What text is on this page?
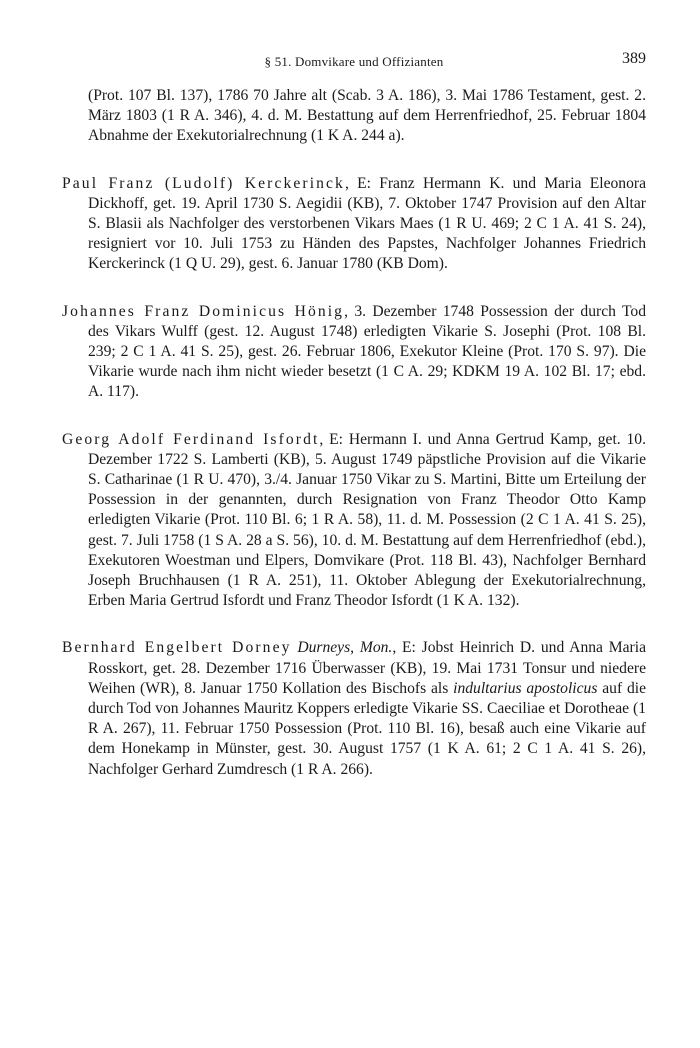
§ 51. Domvikare und Offizianten	389

(Prot. 107 Bl. 137), 1786 70 Jahre alt (Scab. 3 A. 186), 3. Mai 1786 Testament, gest. 2. März 1803 (1 R A. 346), 4. d. M. Bestattung auf dem Herrenfriedhof, 25. Februar 1804 Abnahme der Exekutorialrechnung (1 K A. 244 a).

Paul Franz (Ludolf) Kerckerinck, E: Franz Hermann K. und Maria Eleonora Dickhoff, get. 19. April 1730 S. Aegidii (KB), 7. Oktober 1747 Provision auf den Altar S. Blasii als Nachfolger des verstorbenen Vikars Maes (1 R U. 469; 2 C 1 A. 41 S. 24), resigniert vor 10. Juli 1753 zu Händen des Papstes, Nachfolger Johannes Friedrich Kerckerinck (1 Q U. 29), gest. 6. Januar 1780 (KB Dom).

Johannes Franz Dominicus Hönig, 3. Dezember 1748 Possession der durch Tod des Vikars Wulff (gest. 12. August 1748) erledigten Vikarie S. Josephi (Prot. 108 Bl. 239; 2 C 1 A. 41 S. 25), gest. 26. Februar 1806, Exekutor Kleine (Prot. 170 S. 97). Die Vikarie wurde nach ihm nicht wieder besetzt (1 C A. 29; KDKM 19 A. 102 Bl. 17; ebd. A. 117).

Georg Adolf Ferdinand Isfordt, E: Hermann I. und Anna Gertrud Kamp, get. 10. Dezember 1722 S. Lamberti (KB), 5. August 1749 päpstliche Provision auf die Vikarie S. Catharinae (1 R U. 470), 3./4. Januar 1750 Vikar zu S. Martini, Bitte um Erteilung der Possession in der genannten, durch Resignation von Franz Theodor Otto Kamp erledigten Vikarie (Prot. 110 Bl. 6; 1 R A. 58), 11. d. M. Possession (2 C 1 A. 41 S. 25), gest. 7. Juli 1758 (1 S A. 28 a S. 56), 10. d. M. Bestattung auf dem Herrenfriedhof (ebd.), Exekutoren Woestman und Elpers, Domvikare (Prot. 118 Bl. 43), Nachfolger Bernhard Joseph Bruchhausen (1 R A. 251), 11. Oktober Ablegung der Exekutorialrechnung, Erben Maria Gertrud Isfordt und Franz Theodor Isfordt (1 K A. 132).

Bernhard Engelbert Dorney Durneys, Mon., E: Jobst Heinrich D. und Anna Maria Rosskort, get. 28. Dezember 1716 Überwasser (KB), 19. Mai 1731 Tonsur und niedere Weihen (WR), 8. Januar 1750 Kollation des Bischofs als indultarius apostolicus auf die durch Tod von Johannes Mauritz Koppers erledigte Vikarie SS. Caeciliae et Dorotheae (1 R A. 267), 11. Februar 1750 Possession (Prot. 110 Bl. 16), besaß auch eine Vikarie auf dem Honekamp in Münster, gest. 30. August 1757 (1 K A. 61; 2 C 1 A. 41 S. 26), Nachfolger Gerhard Zumdresch (1 R A. 266).
